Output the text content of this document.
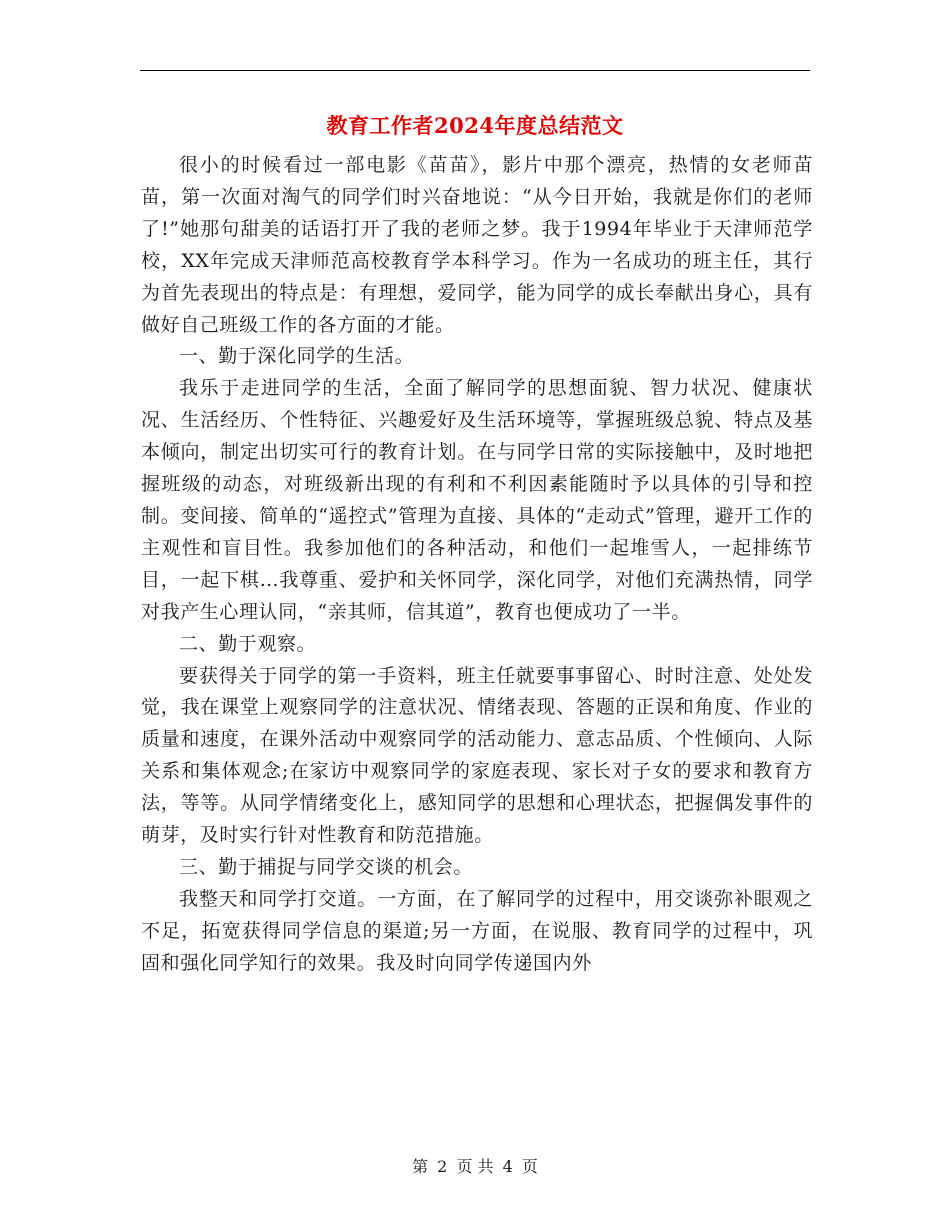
教育工作者2024年度总结范文

很小的时候看过一部电影《苗苗》，影片中那个漂亮，热情的女老师苗苗，第一次面对淘气的同学们时兴奋地说：“从今日开始，我就是你们的老师了!”她那句甜美的话语打开了我的老师之梦。我于1994年毕业于天津师范学校，XX年完成天津师范高校教育学本科学习。作为一名成功的班主任，其行为首先表现出的特点是：有理想，爱同学，能为同学的成长奉献出身心，具有做好自己班级工作的各方面的才能。

一、勤于深化同学的生活。

我乐于走进同学的生活，全面了解同学的思想面貌、智力状况、健康状况、生活经历、个性特征、兴趣爱好及生活环境等，掌握班级总貌、特点及基本倾向，制定出切实可行的教育计划。在与同学日常的实际接触中，及时地把握班级的动态，对班级新出现的有利和不利因素能随时予以具体的引导和控制。变间接、简单的“遥控式”管理为直接、具体的“走动式”管理，避开工作的主观性和盲目性。我参加他们的各种活动，和他们一起堆雪人，一起排练节目，一起下棋…我尊重、爱护和关怀同学，深化同学，对他们充满热情，同学对我产生心理认同，“亲其师，信其道”，教育也便成功了一半。

二、勤于观察。

要获得关于同学的第一手资料，班主任就要事事留心、时时注意、处处发觉，我在课堂上观察同学的注意状况、情绪表现、答题的正误和角度、作业的质量和速度，在课外活动中观察同学的活动能力、意志品质、个性倾向、人际关系和集体观念;在家访中观察同学的家庭表现、家长对子女的要求和教育方法，等等。从同学情绪变化上，感知同学的思想和心理状态，把握偶发事件的萌芽，及时实行针对性教育和防范措施。

三、勤于捕捉与同学交谈的机会。

我整天和同学打交道。一方面，在了解同学的过程中，用交谈弥补眼观之不足，拓宽获得同学信息的渠道;另一方面，在说服、教育同学的过程中，巩固和强化同学知行的效果。我及时向同学传递国内外

第 2 页 共 4 页
